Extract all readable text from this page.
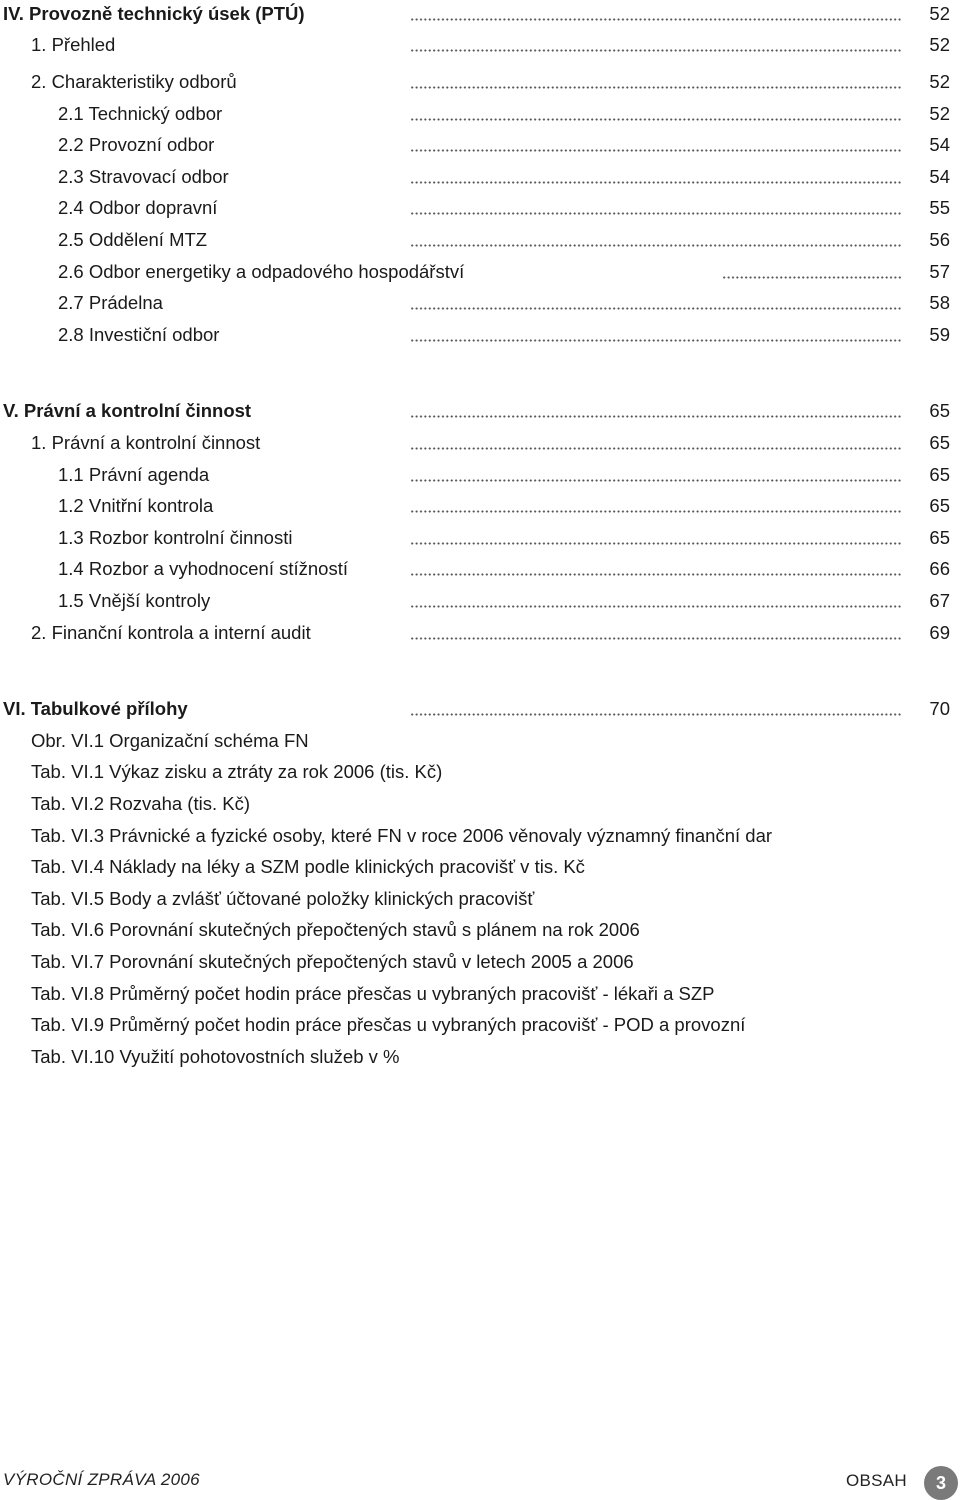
IV. Provozně technický úsek (PTÚ)	52
1. Přehled	52
2. Charakteristiky odborů	52
2.1 Technický odbor	52
2.2 Provozní odbor	54
2.3 Stravovací odbor	54
2.4 Odbor dopravní	55
2.5 Oddělení MTZ	56
2.6 Odbor energetiky a odpadového hospodářství	57
2.7 Prádelna	58
2.8 Investiční odbor	59
V. Právní a kontrolní činnost	65
1. Právní a kontrolní činnost	65
1.1 Právní agenda	65
1.2 Vnitřní kontrola	65
1.3 Rozbor kontrolní činnosti	65
1.4 Rozbor a vyhodnocení stížností	66
1.5 Vnější kontroly	67
2. Finanční kontrola a interní audit	69
VI. Tabulkové přílohy	70
Obr. VI.1 Organizační schéma FN
Tab. VI.1 Výkaz zisku a ztráty za rok 2006 (tis. Kč)
Tab. VI.2 Rozvaha (tis. Kč)
Tab. VI.3 Právnické a fyzické osoby, které FN v roce 2006 věnovaly významný finanční dar
Tab. VI.4 Náklady na léky a SZM podle klinických pracovišť v tis. Kč
Tab. VI.5 Body a zvlášť účtované položky klinických pracovišť
Tab. VI.6 Porovnání skutečných přepočtených stavů s plánem na rok 2006
Tab. VI.7 Porovnání skutečných přepočtených stavů v letech 2005 a 2006
Tab. VI.8 Průměrný počet hodin práce přesčas u vybraných pracovišť - lékaři a SZP
Tab. VI.9 Průměrný počet hodin práce přesčas u vybraných pracovišť - POD a provozní
Tab. VI.10 Využití pohotovostních služeb v %
VÝROČNÍ ZPRÁVA 2006	OBSAH	3
